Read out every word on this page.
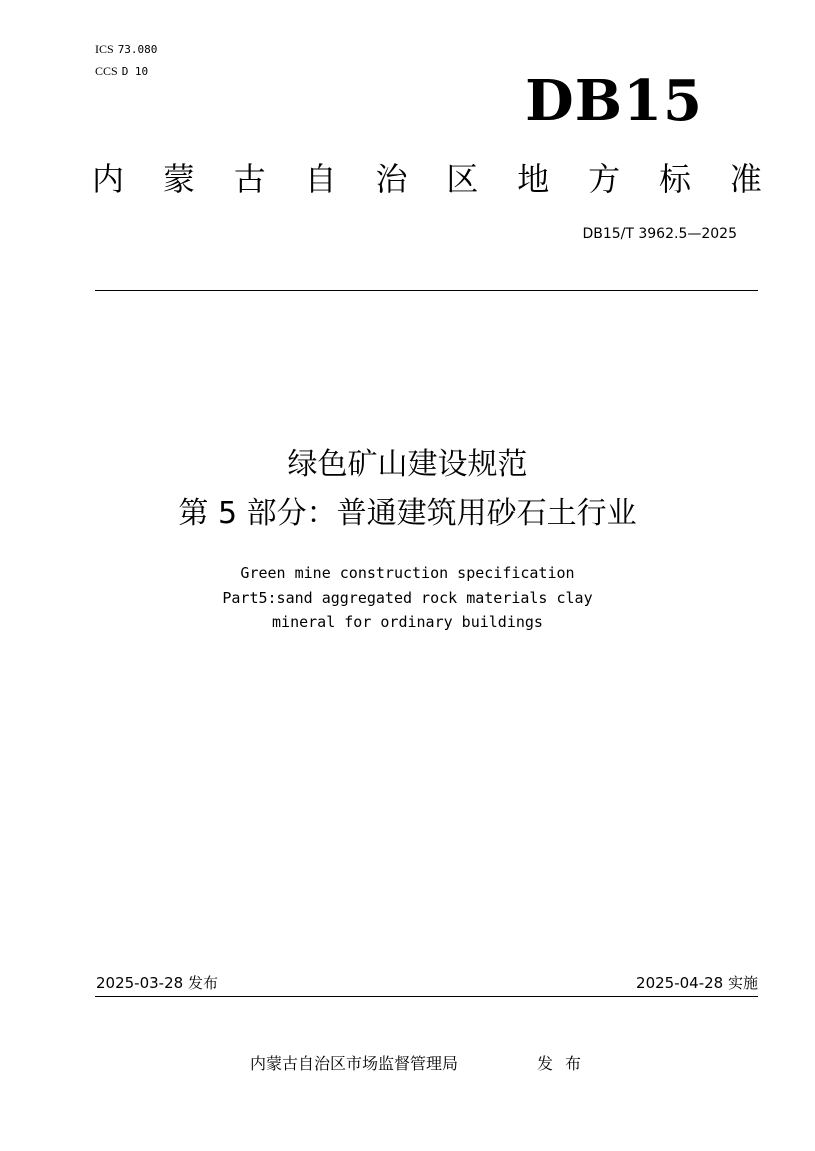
ICS 73.080
CCS D 10	DB15
内 蒙 古 自 治 区 地 方 标 准
DB15/T 3962.5—2025
绿色矿山建设规范
第 5 部分：普通建筑用砂石土行业
Green mine construction specification
Part5:sand aggregated rock materials clay
mineral for ordinary buildings
2025-03-28 发布	2025-04-28 实施
内蒙古自治区市场监督管理局	发布
